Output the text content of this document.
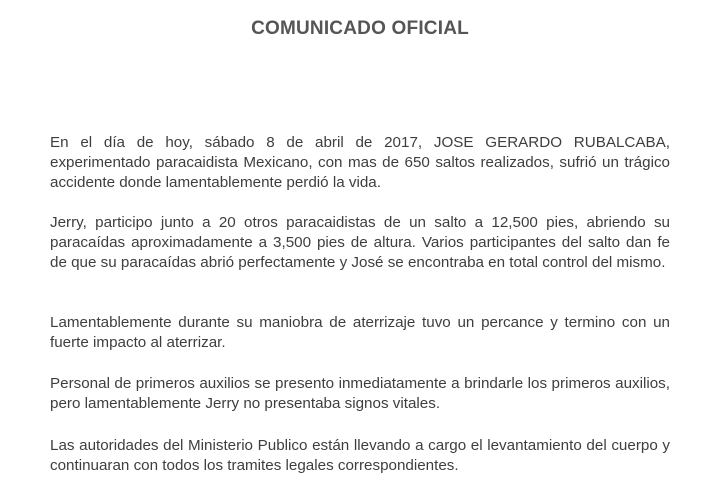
COMUNICADO OFICIAL

En el día de hoy, sábado 8 de abril de 2017, JOSE GERARDO RUBALCABA, experimentado paracaidista Mexicano, con mas de 650 saltos realizados, sufrió un trágico accidente donde lamentablemente perdió la vida.

Jerry, participo junto a 20 otros paracaidistas de un salto a 12,500 pies, abriendo su paracaídas aproximadamente a 3,500 pies de altura. Varios participantes del salto dan fe de que su paracaídas abrió perfectamente y José se encontraba en total control del mismo.

Lamentablemente durante su maniobra de aterrizaje tuvo un percance y termino con un fuerte impacto al aterrizar.

Personal de primeros auxilios se presento inmediatamente a brindarle los primeros auxilios, pero lamentablemente Jerry no presentaba signos vitales.

Las autoridades del Ministerio Publico están llevando a cargo el levantamiento del cuerpo y continuaran con todos los tramites legales correspondientes.
